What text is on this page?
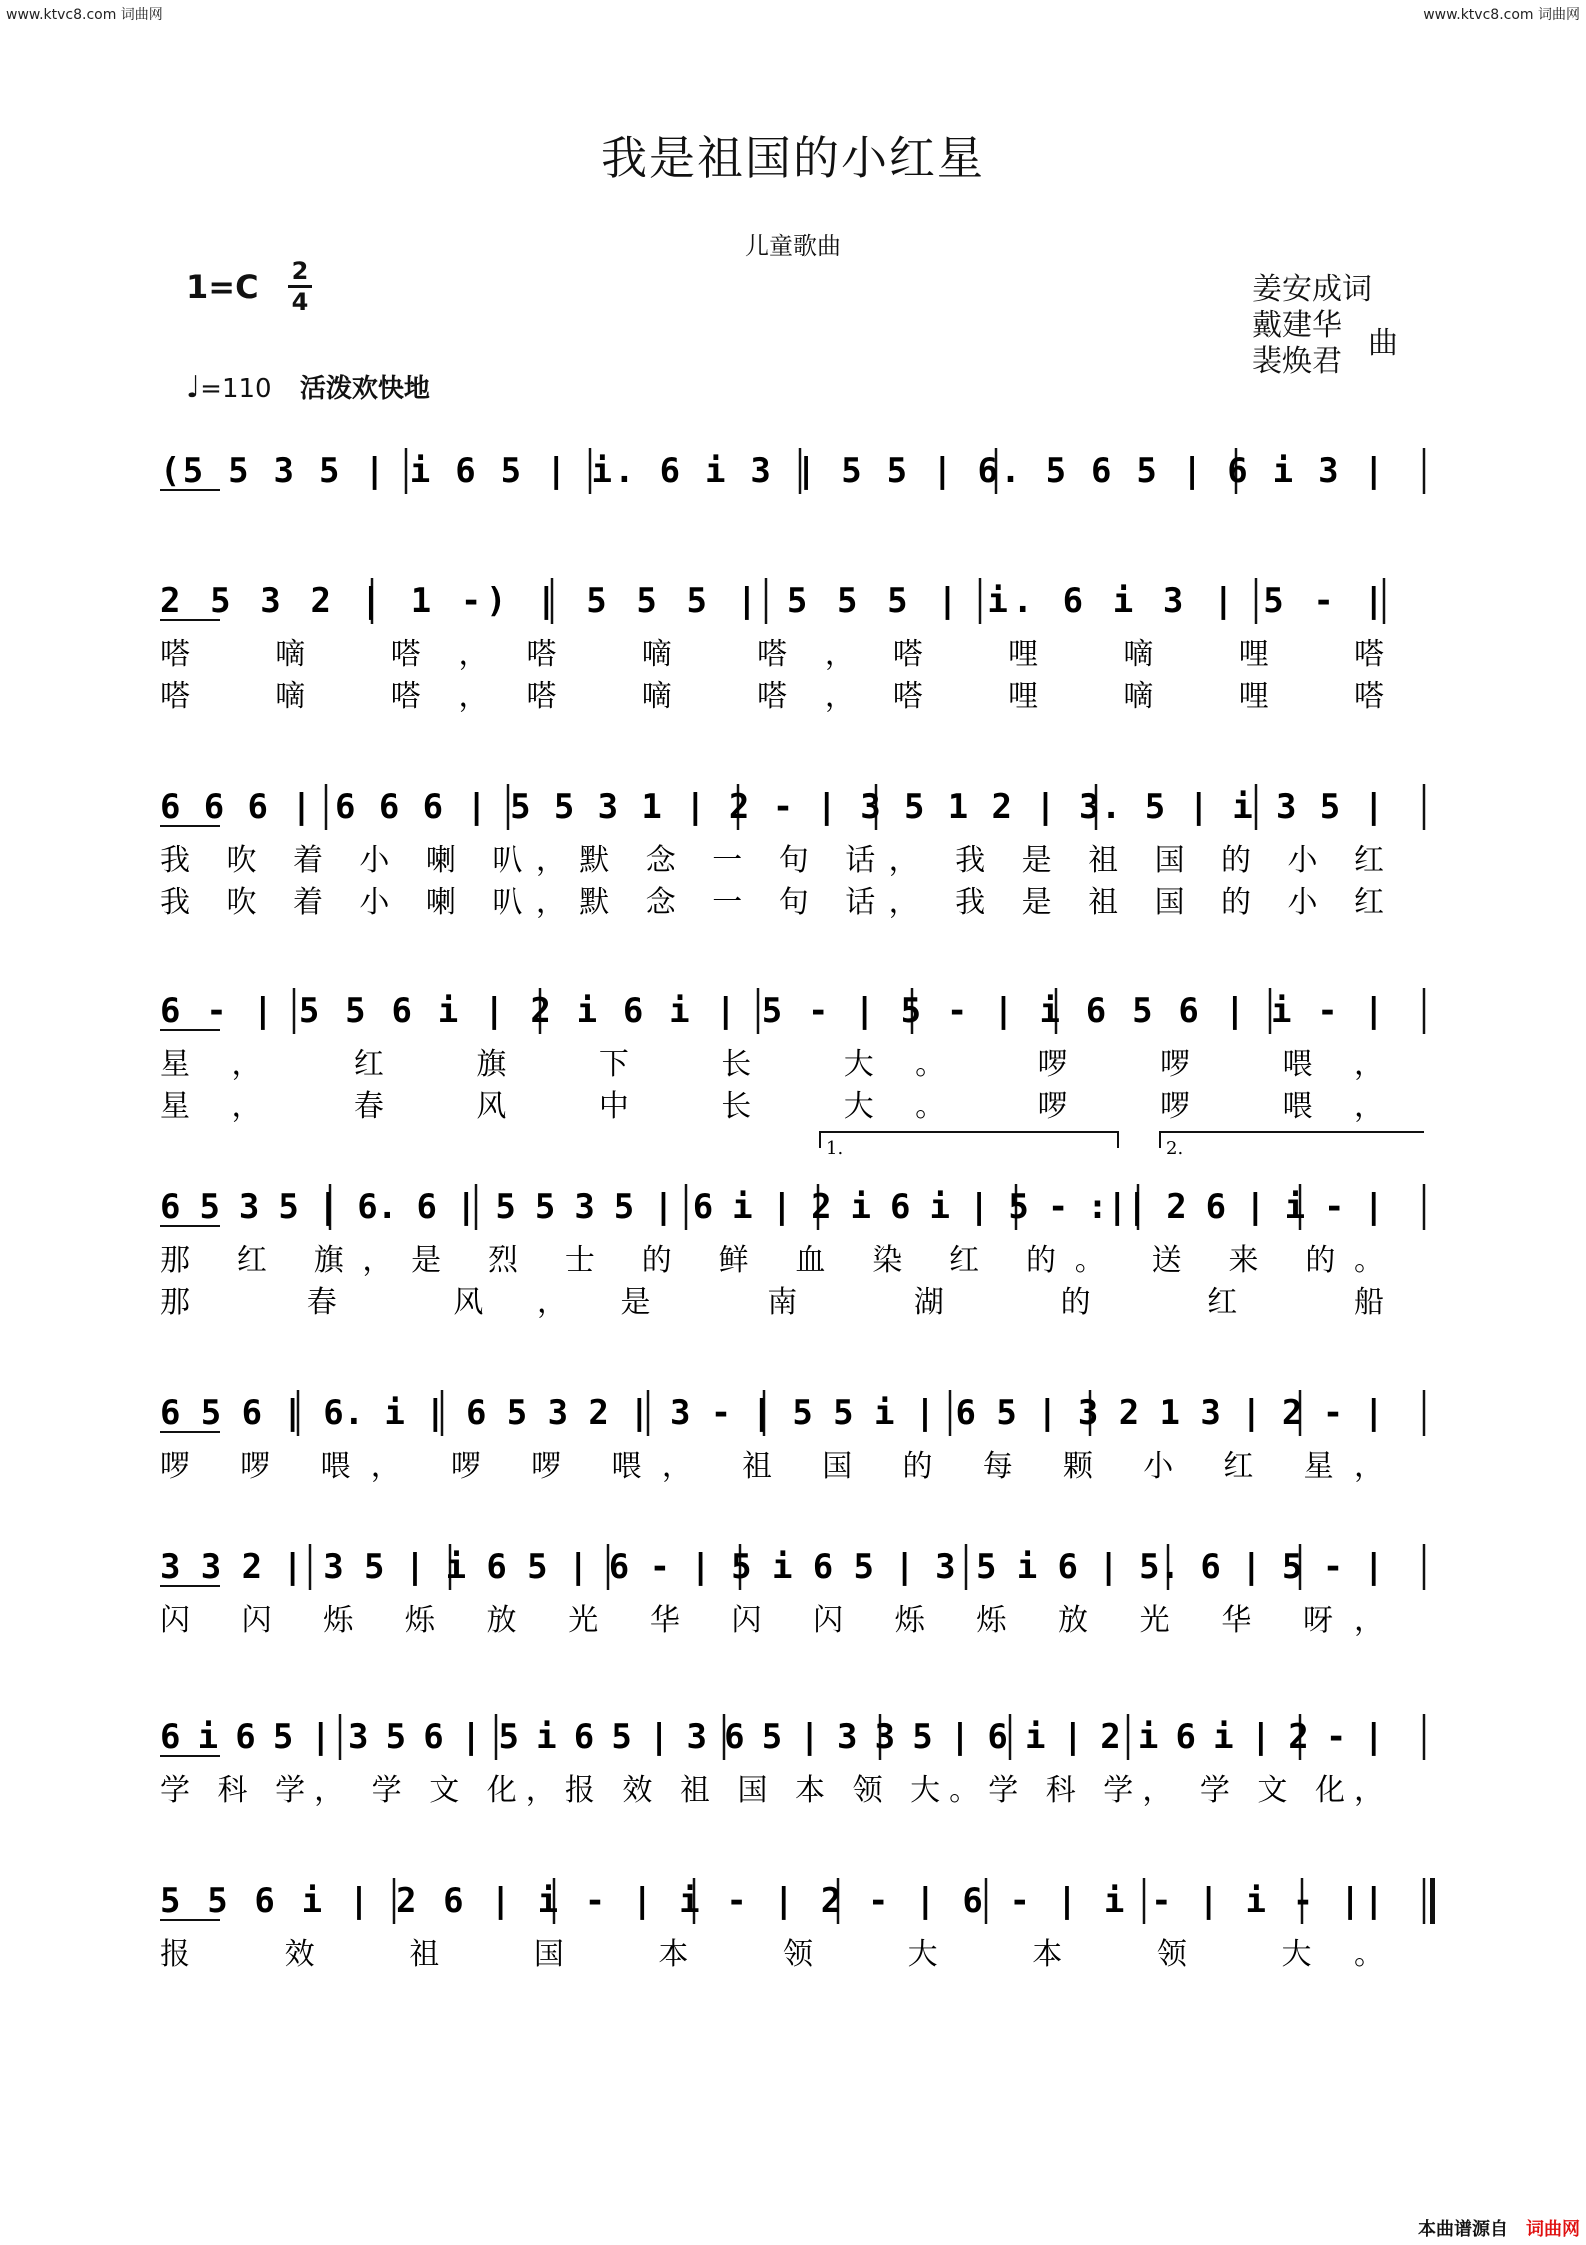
www.ktvc8.com 词曲网	www.ktvc8.com 词曲网
我是祖国的小红星
儿童歌曲
1=C 2
4
♩=110 活泼欢快地
姜安成词
戴建华
裴焕君
曲
(5 5 3 5 | i 6 5 | i. 6 i 3 | 5 5 | 6. 5 6 5 | 6 i 3 |
2 5 3 2 | 1 -) | 5 5 5 | 5 5 5 | i. 6 i 3 | 5 - |
嗒 嘀 嗒，嗒 嘀 嗒，嗒 哩 嘀 哩 嗒
嗒 嘀 嗒，嗒 嘀 嗒，嗒 哩 嘀 哩 嗒
6 6 6 | 6 6 6 | 5 5 3 1 | 2 - | 3 5 1 2 | 3. 5 | i 3 5 |
我 吹 着 小 喇 叭，默 念 一 句 话， 我 是 祖 国 的 小 红
我 吹 着 小 喇 叭，默 念 一 句 话， 我 是 祖 国 的 小 红
6 - | 5 5 6 i | 2 i 6 i | 5 - | 5 - | i 6 5 6 | i - |
星， 红 旗 下 长 大。 啰 啰 喂，
星， 春 风 中 长 大。 啰 啰 喂，
6 5 3 5 | 6. 6 | 5 5 3 5 | 6 i | 2 i 6 i | 5 - :|| 2 6 | i - |
那 红 旗，是 烈 士 的 鲜 血 染 红 的。 送 来 的。
那 春 风，是 南 湖 的 红 船
1.	2.
6 5 6 | 6. i | 6 5 3 2 | 3 - | 5 5 i | 6 5 | 3 2 1 3 | 2 - |
啰 啰 喂， 啰 啰 喂， 祖 国 的 每 颗 小 红 星，
3 3 2 | 3 5 | i 6 5 | 6 - | 5 i 6 5 | 3 5 i 6 | 5. 6 | 5 - |
闪 闪 烁 烁 放 光 华 闪 闪 烁 烁 放 光 华 呀，
6 i 6 5 | 3 5 6 | 5 i 6 5 | 3 6 5 | 3 3 5 | 6 i | 2 i 6 i | 2 - |
学 科 学， 学 文 化，报 效 祖 国 本 领 大。学 科 学， 学 文 化，
5 5 6 i | 2 6 | i - | i - | 2 - | 6 - | i - | i - ||
报 效 祖 国 本 领 大 本 领 大。
本曲谱源自 词曲网
